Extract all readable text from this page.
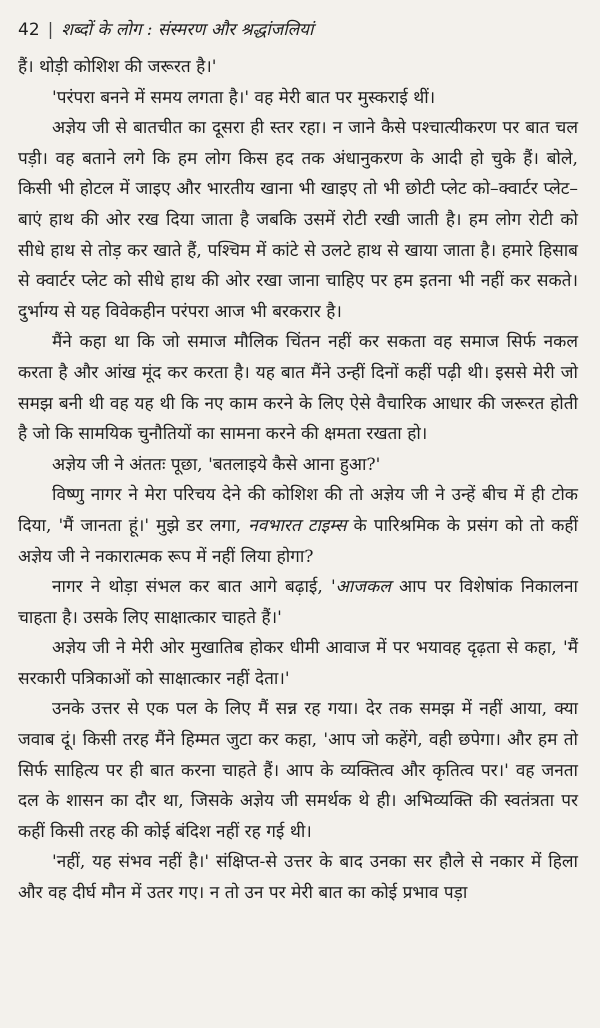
42 | शब्दों के लोग : संस्मरण और श्रद्धांजलियां

हैं। थोड़ी कोशिश की जरूरत है।'

'परंपरा बनने में समय लगता है।' वह मेरी बात पर मुस्कराई थीं।

अज्ञेय जी से बातचीत का दूसरा ही स्तर रहा। न जाने कैसे पश्चात्यीकरण पर बात चल पड़ी। वह बताने लगे कि हम लोग किस हद तक अंधानुकरण के आदी हो चुके हैं। बोले, किसी भी होटल में जाइए और भारतीय खाना भी खाइए तो भी छोटी प्लेट को–क्वार्टर प्लेट–बाएं हाथ की ओर रख दिया जाता है जबकि उसमें रोटी रखी जाती है। हम लोग रोटी को सीधे हाथ से तोड़ कर खाते हैं, पश्चिम में कांटे से उलटे हाथ से खाया जाता है। हमारे हिसाब से क्वार्टर प्लेट को सीधे हाथ की ओर रखा जाना चाहिए पर हम इतना भी नहीं कर सकते। दुर्भाग्य से यह विवेकहीन परंपरा आज भी बरकरार है।

मैंने कहा था कि जो समाज मौलिक चिंतन नहीं कर सकता वह समाज सिर्फ नकल करता है और आंख मूंद कर करता है। यह बात मैंने उन्हीं दिनों कहीं पढ़ी थी। इससे मेरी जो समझ बनी थी वह यह थी कि नए काम करने के लिए ऐसे वैचारिक आधार की जरूरत होती है जो कि सामयिक चुनौतियों का सामना करने की क्षमता रखता हो।

अज्ञेय जी ने अंततः पूछा, 'बतलाइये कैसे आना हुआ?'

विष्णु नागर ने मेरा परिचय देने की कोशिश की तो अज्ञेय जी ने उन्हें बीच में ही टोक दिया, 'मैं जानता हूं।' मुझे डर लगा, नवभारत टाइम्स के पारिश्रमिक के प्रसंग को तो कहीं अज्ञेय जी ने नकारात्मक रूप में नहीं लिया होगा?

नागर ने थोड़ा संभल कर बात आगे बढ़ाई, 'आजकल आप पर विशेषांक निकालना चाहता है। उसके लिए साक्षात्कार चाहते हैं।'

अज्ञेय जी ने मेरी ओर मुखातिब होकर धीमी आवाज में पर भयावह दृढ़ता से कहा, 'मैं सरकारी पत्रिकाओं को साक्षात्कार नहीं देता।'

उनके उत्तर से एक पल के लिए मैं सन्न रह गया। देर तक समझ में नहीं आया, क्या जवाब दूं। किसी तरह मैंने हिम्मत जुटा कर कहा, 'आप जो कहेंगे, वही छपेगा। और हम तो सिर्फ साहित्य पर ही बात करना चाहते हैं। आप के व्यक्तित्व और कृतित्व पर।' वह जनता दल के शासन का दौर था, जिसके अज्ञेय जी समर्थक थे ही। अभिव्यक्ति की स्वतंत्रता पर कहीं किसी तरह की कोई बंदिश नहीं रह गई थी।

'नहीं, यह संभव नहीं है।' संक्षिप्त-से उत्तर के बाद उनका सर हौले से नकार में हिला और वह दीर्घ मौन में उतर गए। न तो उन पर मेरी बात का कोई प्रभाव पड़ा
